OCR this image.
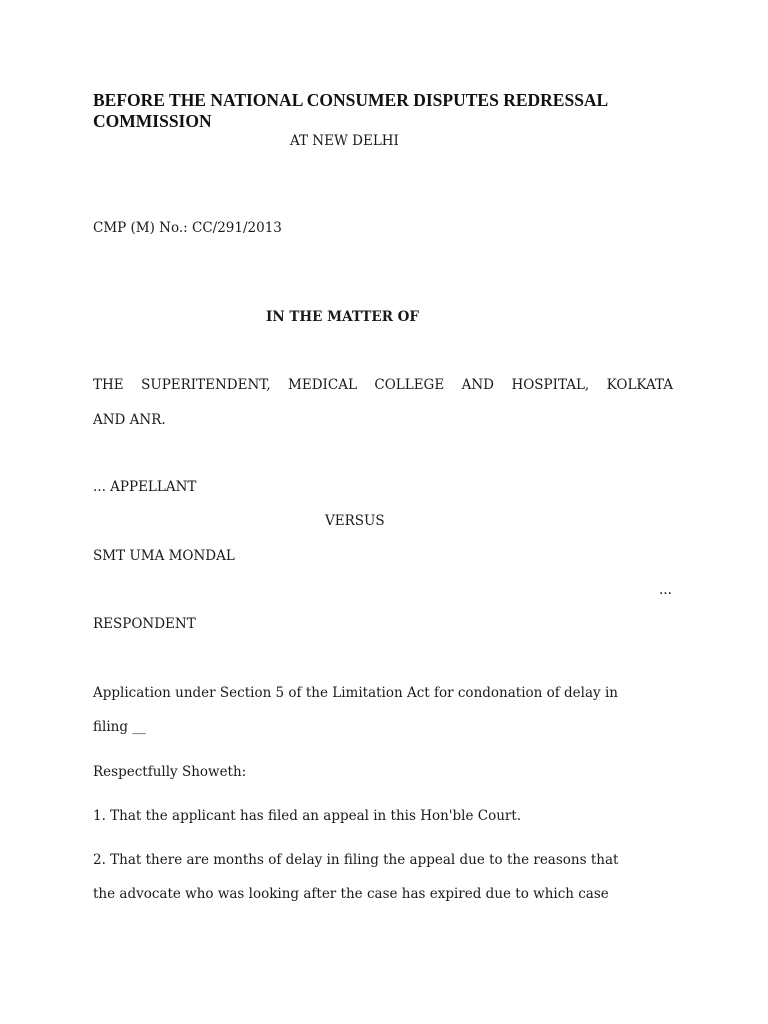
BEFORE THE NATIONAL CONSUMER DISPUTES REDRESSAL
COMMISSION
AT NEW DELHI
CMP (M) No.: CC/291/2013
IN THE MATTER OF
THE SUPERITENDENT, MEDICAL COLLEGE AND HOSPITAL, KOLKATA
AND ANR.
... APPELLANT
VERSUS
SMT UMA MONDAL
...
RESPONDENT
Application under Section 5 of the Limitation Act for condonation of delay in
filing __
Respectfully Showeth:
1. That the applicant has filed an appeal in this Hon'ble Court.
2. That there are months of delay in filing the appeal due to the reasons that
the advocate who was looking after the case has expired due to which case
